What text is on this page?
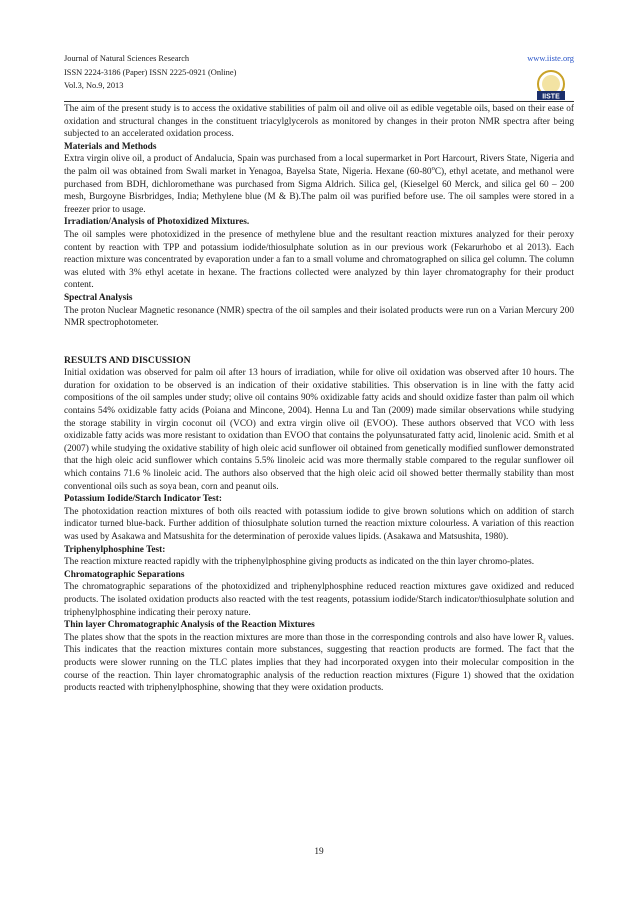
Journal of Natural Sciences Research	www.iiste.org
ISSN 2224-3186 (Paper) ISSN 2225-0921 (Online)
Vol.3, No.9, 2013
IISTE

The aim of the present study is to access the oxidative stabilities of palm oil and olive oil as edible vegetable oils, based on their ease of oxidation and structural changes in the constituent triacylglycerols as monitored by changes in their proton NMR spectra after being subjected to an accelerated oxidation process.

Materials and Methods

Extra virgin olive oil, a product of Andalucia, Spain was purchased from a local supermarket in Port Harcourt, Rivers State, Nigeria and the palm oil was obtained from Swali market in Yenagoa, Bayelsa State, Nigeria. Hexane (60-80$^o$C), ethyl acetate, and methanol were purchased from BDH, dichloromethane was purchased from Sigma Aldrich. Silica gel, (Kieselgel 60 Merck, and silica gel 60 – 200 mesh, Burgoyne Bisrbridges, India; Methylene blue (M & B).The palm oil was purified before use. The oil samples were stored in a freezer prior to usage.

Irradiation/Analysis of Photoxidized Mixtures.

The oil samples were photoxidized in the presence of methylene blue and the resultant reaction mixtures analyzed for their peroxy content by reaction with TPP and potassium iodide/thiosulphate solution as in our previous work (Fekarurhobo et al 2013). Each reaction mixture was concentrated by evaporation under a fan to a small volume and chromatographed on silica gel column. The column was eluted with 3% ethyl acetate in hexane. The fractions collected were analyzed by thin layer chromatography for their product content.

Spectral Analysis

The proton Nuclear Magnetic resonance (NMR) spectra of the oil samples and their isolated products were run on a Varian Mercury 200 NMR spectrophotometer.

RESULTS AND DISCUSSION

Initial oxidation was observed for palm oil after 13 hours of irradiation, while for olive oil oxidation was observed after 10 hours. The duration for oxidation to be observed is an indication of their oxidative stabilities. This observation is in line with the fatty acid compositions of the oil samples under study; olive oil contains 90% oxidizable fatty acids and should oxidize faster than palm oil which contains 54% oxidizable fatty acids (Poiana and Mincone, 2004). Henna Lu and Tan (2009) made similar observations while studying the storage stability in virgin coconut oil (VCO) and extra virgin olive oil (EVOO). These authors observed that VCO with less oxidizable fatty acids was more resistant to oxidation than EVOO that contains the polyunsaturated fatty acid, linolenic acid. Smith et al (2007) while studying the oxidative stability of high oleic acid sunflower oil obtained from genetically modified sunflower demonstrated that the high oleic acid sunflower which contains 5.5% linoleic acid was more thermally stable compared to the regular sunflower oil which contains 71.6 % linoleic acid. The authors also observed that the high oleic acid oil showed better thermally stability than most conventional oils such as soya bean, corn and peanut oils.

Potassium Iodide/Starch Indicator Test:

The photoxidation reaction mixtures of both oils reacted with potassium iodide to give brown solutions which on addition of starch indicator turned blue-back. Further addition of thiosulphate solution turned the reaction mixture colourless. A variation of this reaction was used by Asakawa and Matsushita for the determination of peroxide values lipids. (Asakawa and Matsushita, 1980).

Triphenylphosphine Test:

The reaction mixture reacted rapidly with the triphenylphosphine giving products as indicated on the thin layer chromo-plates.

Chromatographic Separations

The chromatographic separations of the photoxidized and triphenylphosphine reduced reaction mixtures gave oxidized and reduced products. The isolated oxidation products also reacted with the test reagents, potassium iodide/Starch indicator/thiosulphate solution and triphenylphosphine indicating their peroxy nature.

Thin layer Chromatographic Analysis of the Reaction Mixtures

The plates show that the spots in the reaction mixtures are more than those in the corresponding controls and also have lower $R_f$ values. This indicates that the reaction mixtures contain more substances, suggesting that reaction products are formed. The fact that the products were slower running on the TLC plates implies that they had incorporated oxygen into their molecular composition in the course of the reaction. Thin layer chromatographic analysis of the reduction reaction mixtures (Figure 1) showed that the oxidation products reacted with triphenylphosphine, showing that they were oxidation products.

19
